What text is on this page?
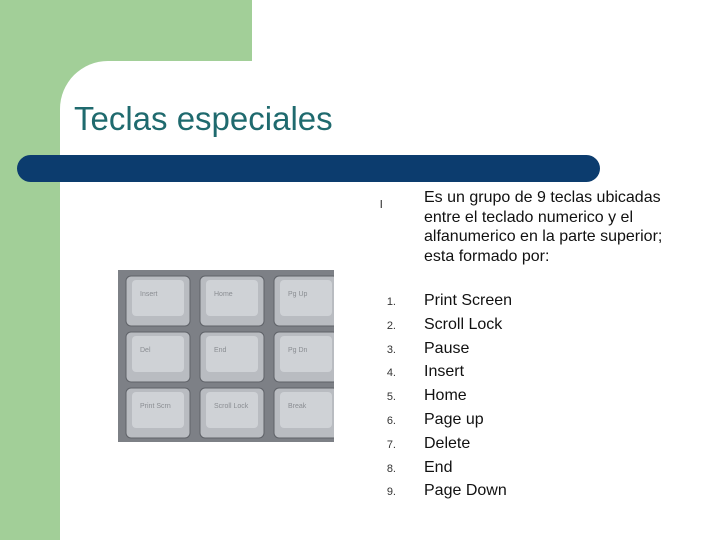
Teclas especiales
Insert	Home	Pg Up
Del	End	Pg Dn
Print Scrn	Scroll Lock	Break
l	Es un grupo de 9 teclas ubicadas entre el teclado numerico y el alfanumerico en la parte superior; esta formado por:
1. Print Screen
2. Scroll Lock
3. Pause
4. Insert
5. Home
6. Page up
7. Delete
8. End
9. Page Down
